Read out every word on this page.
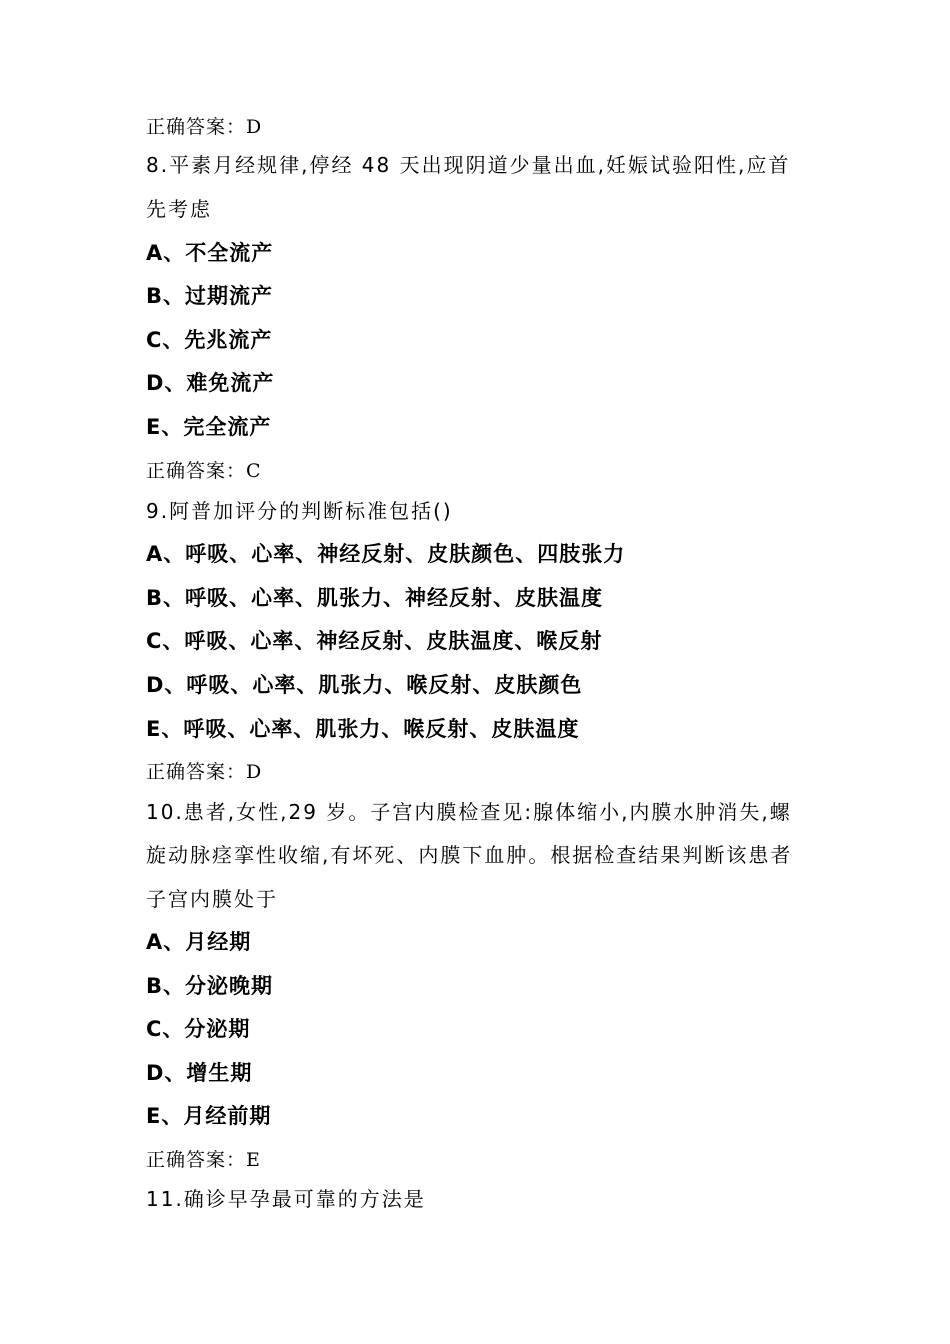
正确答案：D
8.平素月经规律,停经 48 天出现阴道少量出血,妊娠试验阳性,应首
先考虑
A、不全流产
B、过期流产
C、先兆流产
D、难免流产
E、完全流产
正确答案：C
9.阿普加评分的判断标准包括()
A、呼吸、心率、神经反射、皮肤颜色、四肢张力
B、呼吸、心率、肌张力、神经反射、皮肤温度
C、呼吸、心率、神经反射、皮肤温度、喉反射
D、呼吸、心率、肌张力、喉反射、皮肤颜色
E、呼吸、心率、肌张力、喉反射、皮肤温度
正确答案：D
10.患者,女性,29 岁。子宫内膜检查见:腺体缩小,内膜水肿消失,螺
旋动脉痉挛性收缩,有坏死、内膜下血肿。根据检查结果判断该患者
子宫内膜处于
A、月经期
B、分泌晚期
C、分泌期
D、增生期
E、月经前期
正确答案：E
11.确诊早孕最可靠的方法是
